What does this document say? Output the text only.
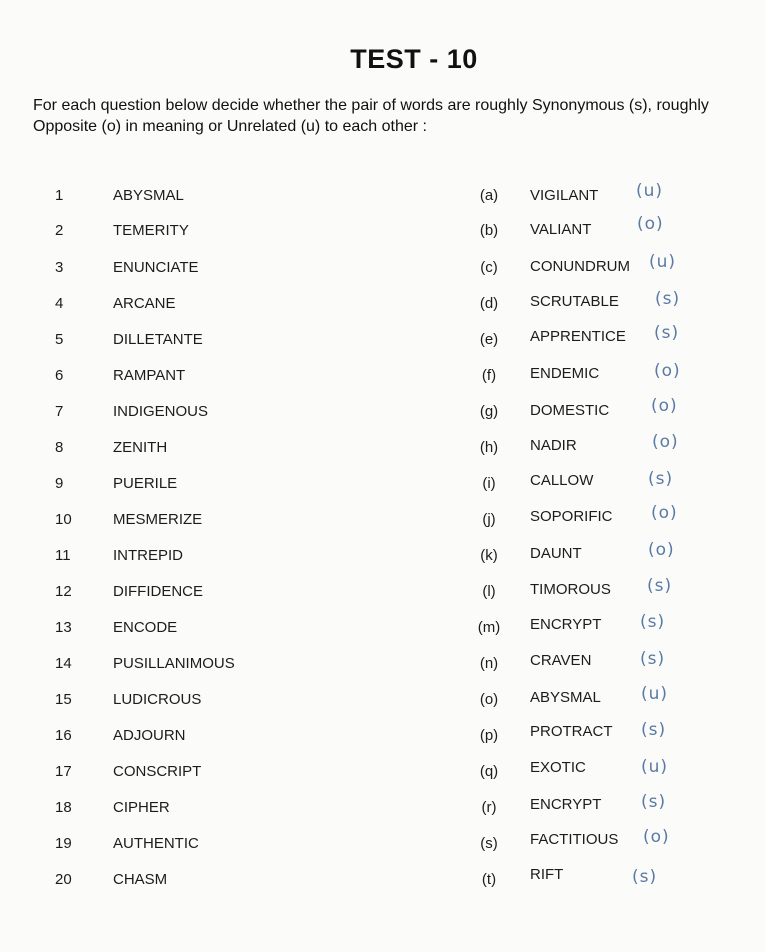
TEST - 10
For each question below decide whether the pair of words are roughly Synonymous (s), roughly Opposite (o) in meaning or Unrelated (u) to each other :
1	ABYSMAL	(a)	VIGILANT (u)
2	TEMERITY	(b)	VALIANT	(o)
3	ENUNCIATE	(c)	CONUNDRUM (u)
4	ARCANE	(d)	SCRUTABLE (s)
5	DILLETANTE	(e)	APPRENTICE (s)
6	RAMPANT	(f)	ENDEMIC	(o)
7	INDIGENOUS	(g)	DOMESTIC (o)
8	ZENITH	(h)	NADIR	(o)
9	PUERILE	(i)	CALLOW	(s)
10	MESMERIZE	(j)	SOPORIFIC (o)
11	INTREPID	(k)	DAUNT	(o)
12	DIFFIDENCE	(l)	TIMOROUS (s)
13	ENCODE	(m) ENCRYPT (s)
14	PUSILLANIMOUS	(n)	CRAVEN	(s)
15	LUDICROUS	(o)	ABYSMAL (u)
16	ADJOURN	(p)	PROTRACT (s)
17	CONSCRIPT	(q)	EXOTIC	(u)
18	CIPHER	(r)	ENCRYPT (s)
19	AUTHENTIC	(s)	FACTITIOUS (o)
20	CHASM	(t)	RIFT	(s)
